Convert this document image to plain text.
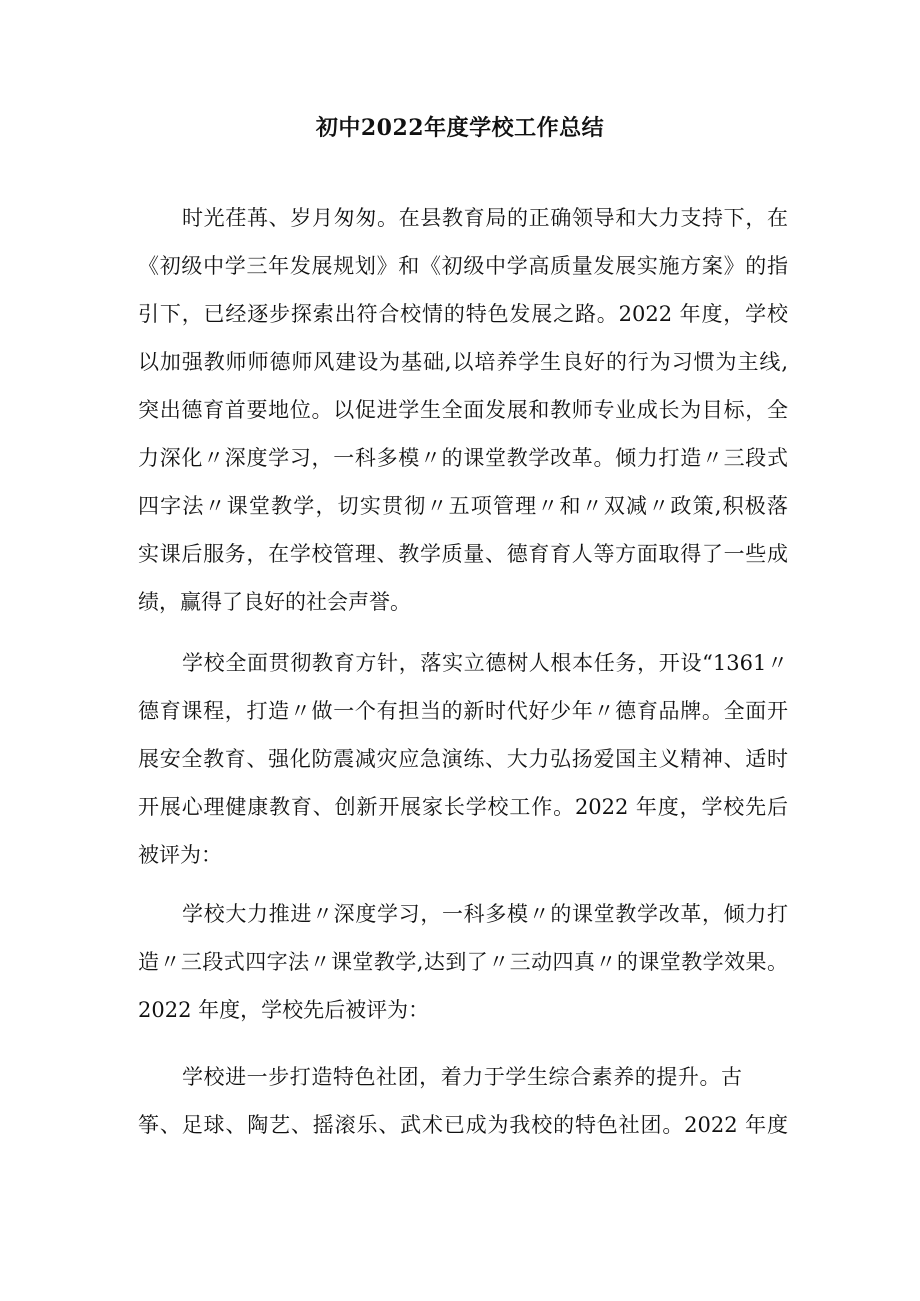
初中2022年度学校工作总结
时光荏苒、岁月匆匆。在县教育局的正确领导和大力支持下，在
《初级中学三年发展规划》和《初级中学高质量发展实施方案》的指
引下，已经逐步探索出符合校情的特色发展之路。2022 年度，学校
以加强教师师德师风建设为基础,以培养学生良好的行为习惯为主线,
突出德育首要地位。以促进学生全面发展和教师专业成长为目标，全
力深化〃深度学习，一科多模〃的课堂教学改革。倾力打造〃三段式
四字法〃课堂教学，切实贯彻〃五项管理〃和〃双减〃政策,积极落
实课后服务，在学校管理、教学质量、德育育人等方面取得了一些成
绩，赢得了良好的社会声誉。
学校全面贯彻教育方针，落实立德树人根本任务，开设“1361〃
德育课程，打造〃做一个有担当的新时代好少年〃德育品牌。全面开
展安全教育、强化防震减灾应急演练、大力弘扬爱国主义精神、适时
开展心理健康教育、创新开展家长学校工作。2022 年度，学校先后
被评为：
学校大力推进〃深度学习，一科多模〃的课堂教学改革，倾力打
造〃三段式四字法〃课堂教学,达到了〃三动四真〃的课堂教学效果。
2022 年度，学校先后被评为：
学校进一步打造特色社团，着力于学生综合素养的提升。古
筝、足球、陶艺、摇滚乐、武术已成为我校的特色社团。2022 年度
